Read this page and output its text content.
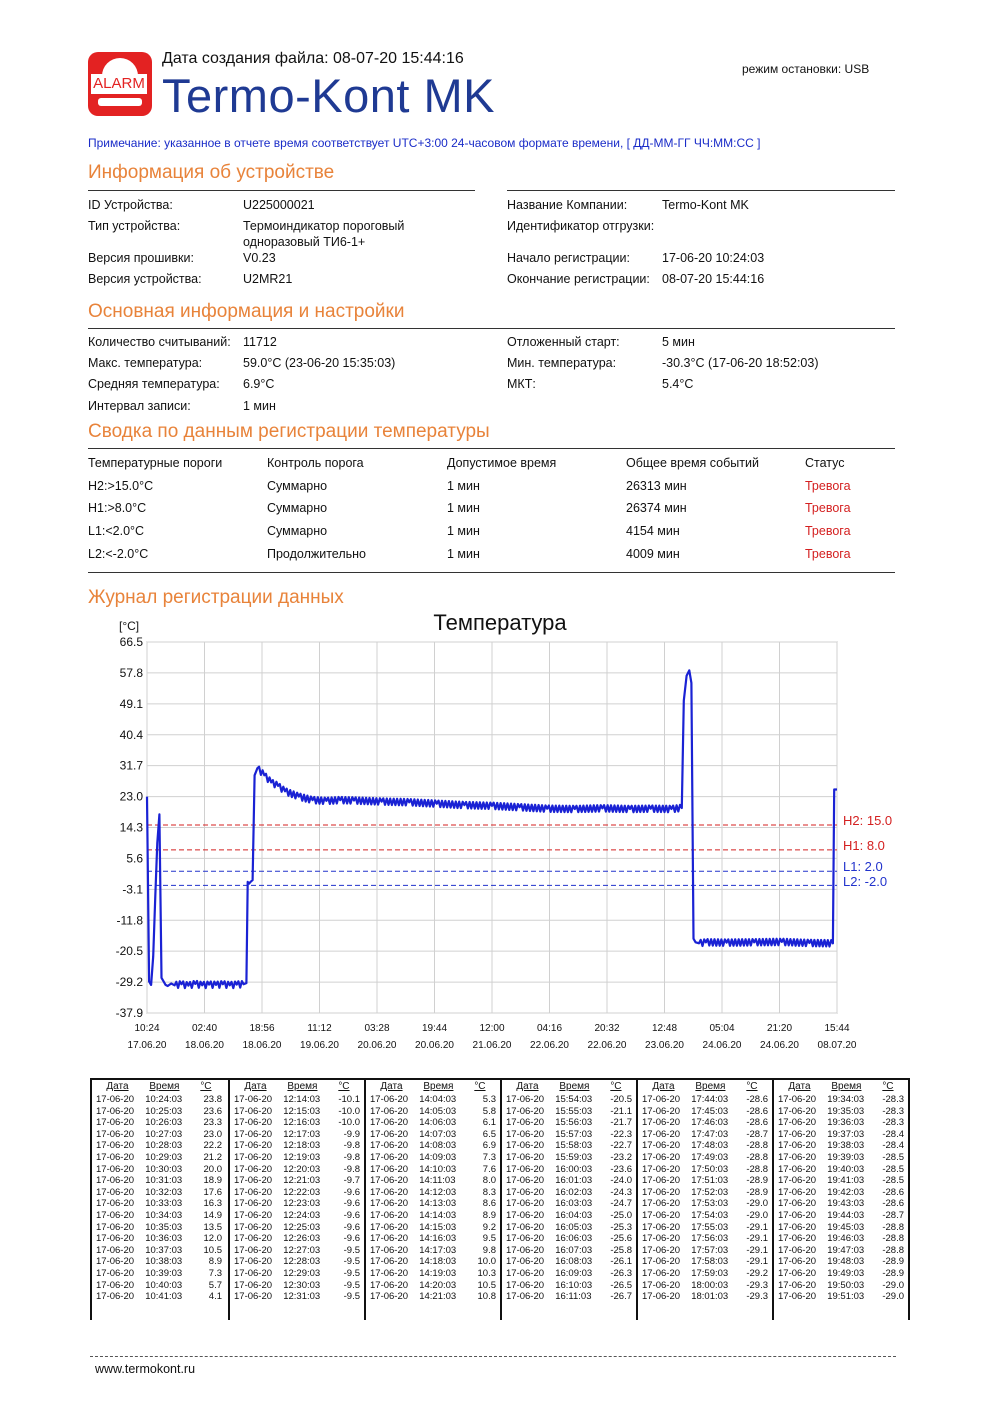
ALARM
Дата создания файла: 08-07-20 15:44:16
Termo-Kont MK	режим остановки: USB
Примечание: указанное в отчете время соответствует UTC+3:00 24-часовом формате времени, [ ДД-ММ-ГГ ЧЧ:ММ:СС ]
Информация об устройстве
ID Устройства:	U225000021
Тип устройства:	Термоиндикатор пороговый
одноразовый ТИ6-1+
Версия прошивки:	V0.23
Версия устройства:	U2MR21
Название Компании:	Termo-Kont MK
Идентификатор отгрузки:
Начало регистрации:	17-06-20 10:24:03
Окончание регистрации: 08-07-20 15:44:16
Основная информация и настройки
Количество считываний: 11712
Макс. температура:	59.0°C (23-06-20 15:35:03)
Средняя температура: 6.9°C
Интервал записи:	1 мин
Отложенный старт:	5 мин
Мин. температура:	-30.3°C (17-06-20 18:52:03)
МКТ:	5.4°C
Сводка по данным регистрации температуры
Температурные пороги	Контроль порога	Допустимое время	Общее время событий	Статус
H2:>15.0°C	Суммарно	1 мин	26313 мин	Тревога
H1:>8.0°C	Суммарно	1 мин	26374 мин	Тревога
L1:<2.0°C	Суммарно	1 мин	4154 мин	Тревога
L2:<-2.0°C	Продолжительно	1 мин	4009 мин	Тревога
Журнал регистрации данных
66.5
57.8
49.1
40.4
31.7
23.0
14.3
5.6
-3.1
-11.8
-20.5
-29.2
-37.9
10:24
17.06.20
02:40
18.06.20
18:56
18.06.20
11:12
19.06.20
03:28
20.06.20
19:44
20.06.20
12:00
21.06.20
04:16
22.06.20
20:32
22.06.20
12:48
23.06.20
05:04
24.06.20
21:20
24.06.20
15:44
08.07.20
Температура
[°C]
H2: 15.0
H1: 8.0
L1: 2.0
L2: -2.0
Дата Время °C
17-06-20	10:24:03	23.8
17-06-20	10:25:03	23.6
17-06-20	10:26:03	23.3
17-06-20	10:27:03	23.0
17-06-20	10:28:03	22.2
17-06-20	10:29:03	21.2
17-06-20	10:30:03	20.0
17-06-20	10:31:03	18.9
17-06-20	10:32:03	17.6
17-06-20	10:33:03	16.3
17-06-20	10:34:03	14.9
17-06-20	10:35:03	13.5
17-06-20	10:36:03	12.0
17-06-20	10:37:03	10.5
17-06-20	10:38:03	8.9
17-06-20	10:39:03	7.3
17-06-20	10:40:03	5.7
17-06-20	10:41:03	4.1
Дата Время °C
17-06-20	12:14:03	-10.1
17-06-20	12:15:03	-10.0
17-06-20	12:16:03	-10.0
17-06-20	12:17:03	-9.9
17-06-20	12:18:03	-9.8
17-06-20	12:19:03	-9.8
17-06-20	12:20:03	-9.8
17-06-20	12:21:03	-9.7
17-06-20	12:22:03	-9.6
17-06-20	12:23:03	-9.6
17-06-20	12:24:03	-9.6
17-06-20	12:25:03	-9.6
17-06-20	12:26:03	-9.6
17-06-20	12:27:03	-9.5
17-06-20	12:28:03	-9.5
17-06-20	12:29:03	-9.5
17-06-20	12:30:03	-9.5
17-06-20	12:31:03	-9.5
Дата Время °C
17-06-20	14:04:03	5.3
17-06-20	14:05:03	5.8
17-06-20	14:06:03	6.1
17-06-20	14:07:03	6.5
17-06-20	14:08:03	6.9
17-06-20	14:09:03	7.3
17-06-20	14:10:03	7.6
17-06-20	14:11:03	8.0
17-06-20	14:12:03	8.3
17-06-20	14:13:03	8.6
17-06-20	14:14:03	8.9
17-06-20	14:15:03	9.2
17-06-20	14:16:03	9.5
17-06-20	14:17:03	9.8
17-06-20	14:18:03	10.0
17-06-20	14:19:03	10.3
17-06-20	14:20:03	10.5
17-06-20	14:21:03	10.8
Дата Время °C
17-06-20	15:54:03	-20.5
17-06-20	15:55:03	-21.1
17-06-20	15:56:03	-21.7
17-06-20	15:57:03	-22.3
17-06-20	15:58:03	-22.7
17-06-20	15:59:03	-23.2
17-06-20	16:00:03	-23.6
17-06-20	16:01:03	-24.0
17-06-20	16:02:03	-24.3
17-06-20	16:03:03	-24.7
17-06-20	16:04:03	-25.0
17-06-20	16:05:03	-25.3
17-06-20	16:06:03	-25.6
17-06-20	16:07:03	-25.8
17-06-20	16:08:03	-26.1
17-06-20	16:09:03	-26.3
17-06-20	16:10:03	-26.5
17-06-20	16:11:03	-26.7
Дата Время °C
17-06-20	17:44:03	-28.6
17-06-20	17:45:03	-28.6
17-06-20	17:46:03	-28.6
17-06-20	17:47:03	-28.7
17-06-20	17:48:03	-28.8
17-06-20	17:49:03	-28.8
17-06-20	17:50:03	-28.8
17-06-20	17:51:03	-28.9
17-06-20	17:52:03	-28.9
17-06-20	17:53:03	-29.0
17-06-20	17:54:03	-29.0
17-06-20	17:55:03	-29.1
17-06-20	17:56:03	-29.1
17-06-20	17:57:03	-29.1
17-06-20	17:58:03	-29.1
17-06-20	17:59:03	-29.2
17-06-20	18:00:03	-29.3
17-06-20	18:01:03	-29.3
Дата Время °C
17-06-20	19:34:03	-28.3
17-06-20	19:35:03	-28.3
17-06-20	19:36:03	-28.3
17-06-20	19:37:03	-28.4
17-06-20	19:38:03	-28.4
17-06-20	19:39:03	-28.5
17-06-20	19:40:03	-28.5
17-06-20	19:41:03	-28.5
17-06-20	19:42:03	-28.6
17-06-20	19:43:03	-28.6
17-06-20	19:44:03	-28.7
17-06-20	19:45:03	-28.8
17-06-20	19:46:03	-28.8
17-06-20	19:47:03	-28.8
17-06-20	19:48:03	-28.9
17-06-20	19:49:03	-28.9
17-06-20	19:50:03	-29.0
17-06-20	19:51:03	-29.0
www.termokont.ru
